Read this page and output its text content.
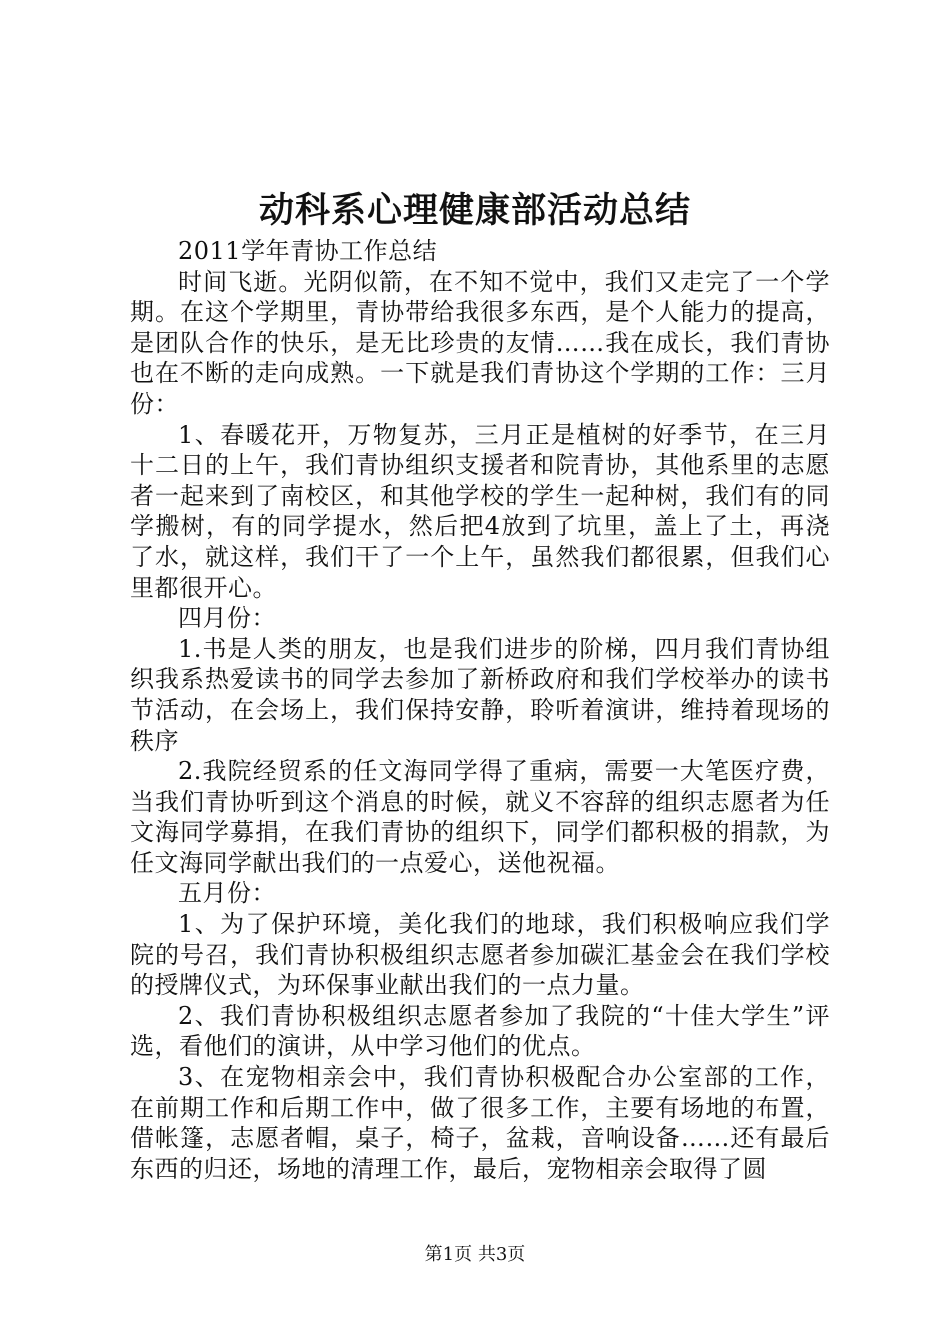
动科系心理健康部活动总结

2011学年青协工作总结

时间飞逝。光阴似箭，在不知不觉中，我们又走完了一个学期。在这个学期里，青协带给我很多东西，是个人能力的提高，是团队合作的快乐，是无比珍贵的友情……我在成长，我们青协也在不断的走向成熟。一下就是我们青协这个学期的工作：三月份：

1、春暖花开，万物复苏，三月正是植树的好季节，在三月十二日的上午，我们青协组织支援者和院青协，其他系里的志愿者一起来到了南校区，和其他学校的学生一起种树，我们有的同学搬树，有的同学提水，然后把4放到了坑里，盖上了土，再浇了水，就这样，我们干了一个上午，虽然我们都很累，但我们心里都很开心。

四月份：

1.书是人类的朋友，也是我们进步的阶梯，四月我们青协组织我系热爱读书的同学去参加了新桥政府和我们学校举办的读书节活动，在会场上，我们保持安静，聆听着演讲，维持着现场的秩序

2.我院经贸系的任文海同学得了重病，需要一大笔医疗费，当我们青协听到这个消息的时候，就义不容辞的组织志愿者为任文海同学募捐，在我们青协的组织下，同学们都积极的捐款，为任文海同学献出我们的一点爱心，送他祝福。

五月份：

1、为了保护环境，美化我们的地球，我们积极响应我们学院的号召，我们青协积极组织志愿者参加碳汇基金会在我们学校的授牌仪式，为环保事业献出我们的一点力量。

2、我们青协积极组织志愿者参加了我院的“十佳大学生”评选，看他们的演讲，从中学习他们的优点。

3、在宠物相亲会中，我们青协积极配合办公室部的工作，在前期工作和后期工作中，做了很多工作，主要有场地的布置，借帐篷，志愿者帽，桌子，椅子，盆栽，音响设备……还有最后东西的归还，场地的清理工作，最后，宠物相亲会取得了圆

第1页 共3页
